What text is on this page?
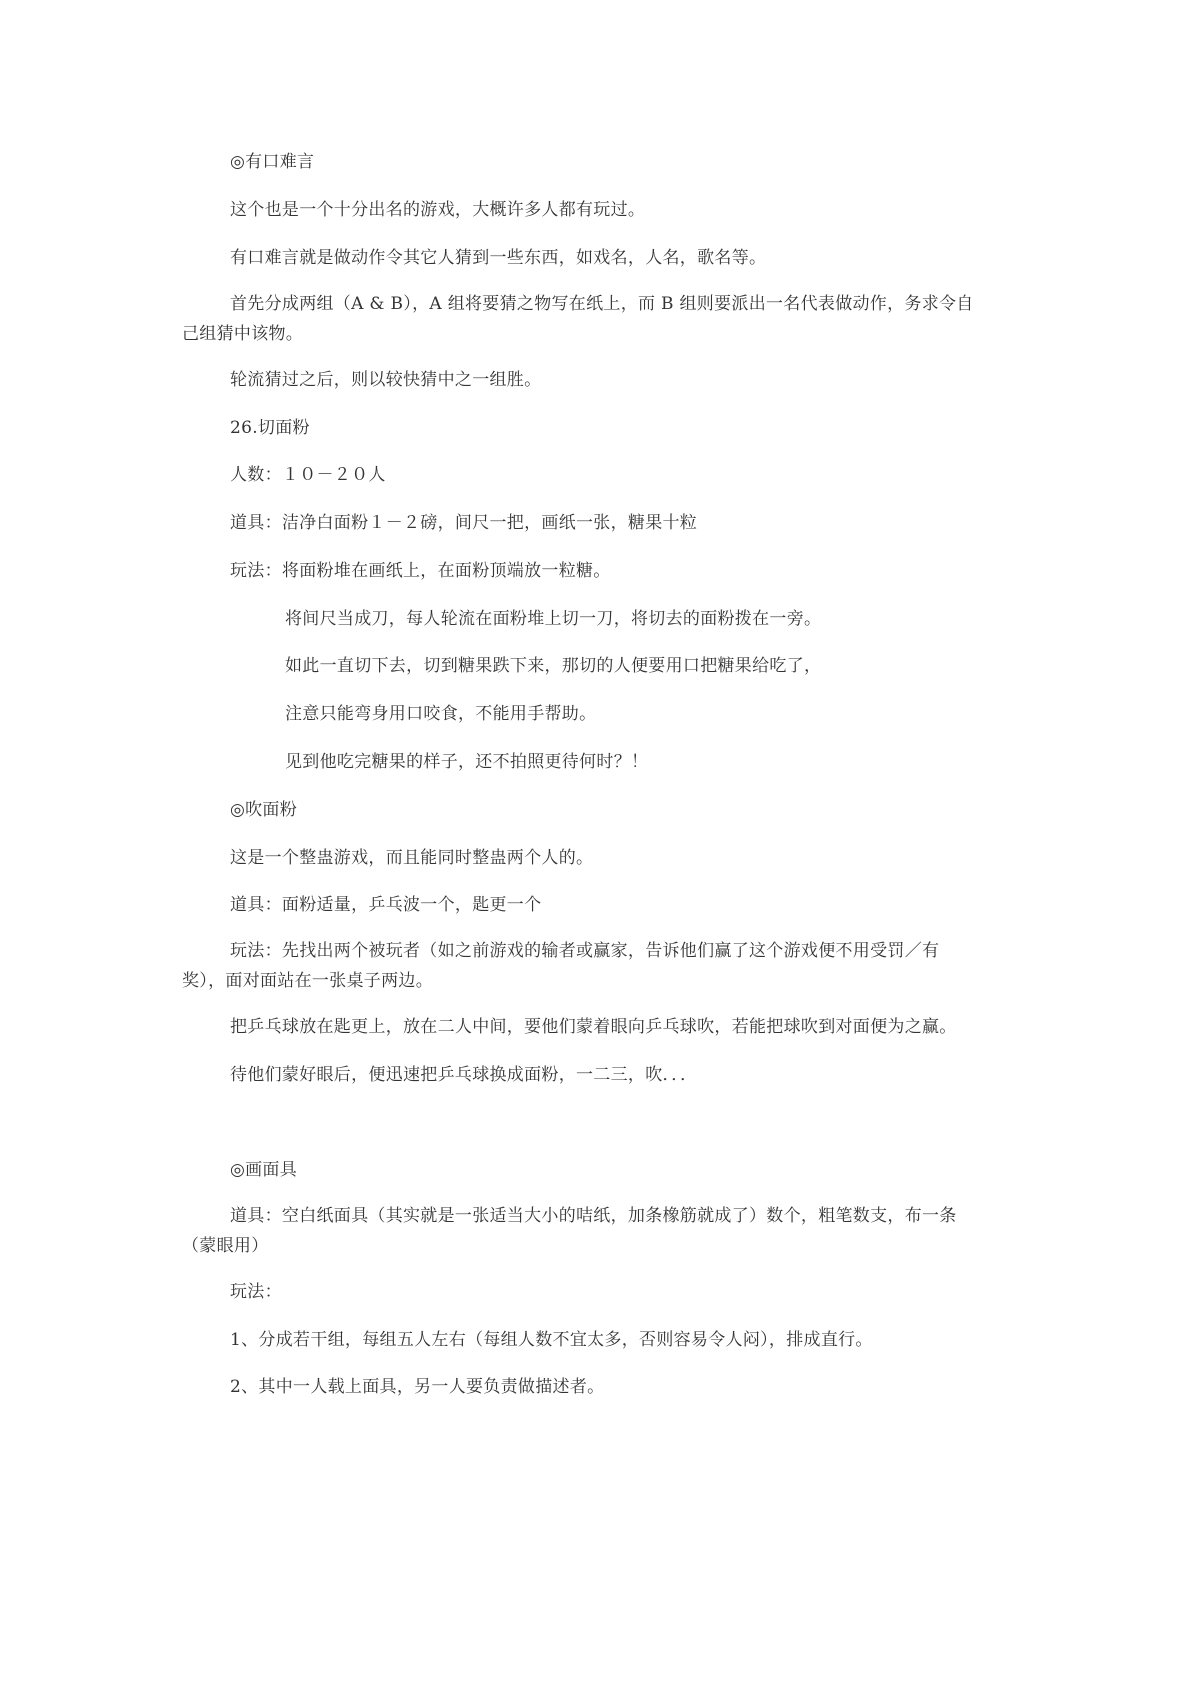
◎有口难言
这个也是一个十分出名的游戏，大概许多人都有玩过。
有口难言就是做动作令其它人猜到一些东西，如戏名，人名，歌名等。
首先分成两组（A & B），A 组将要猜之物写在纸上，而 B 组则要派出一名代表做动作，务求令自己组猜中该物。
轮流猜过之后，则以较快猜中之一组胜。
26.切面粉
人数：１０－２０人
道具：洁净白面粉１－２磅，间尺一把，画纸一张，糖果十粒
玩法：将面粉堆在画纸上，在面粉顶端放一粒糖。
将间尺当成刀，每人轮流在面粉堆上切一刀，将切去的面粉拨在一旁。
如此一直切下去，切到糖果跌下来，那切的人便要用口把糖果给吃了，
注意只能弯身用口咬食，不能用手帮助。
见到他吃完糖果的样子，还不拍照更待何时？！
◎吹面粉
这是一个整蛊游戏，而且能同时整蛊两个人的。
道具：面粉适量，乒乓波一个，匙更一个
玩法：先找出两个被玩者（如之前游戏的输者或赢家，告诉他们赢了这个游戏便不用受罚／有奖），面对面站在一张桌子两边。
把乒乓球放在匙更上，放在二人中间，要他们蒙着眼向乒乓球吹，若能把球吹到对面便为之赢。
待他们蒙好眼后，便迅速把乒乓球换成面粉，一二三，吹．．．
◎画面具
道具：空白纸面具（其实就是一张适当大小的咭纸，加条橡筋就成了）数个，粗笔数支，布一条（蒙眼用）
玩法：
1、分成若干组，每组五人左右（每组人数不宜太多，否则容易令人闷），排成直行。
2、其中一人载上面具，另一人要负责做描述者。
